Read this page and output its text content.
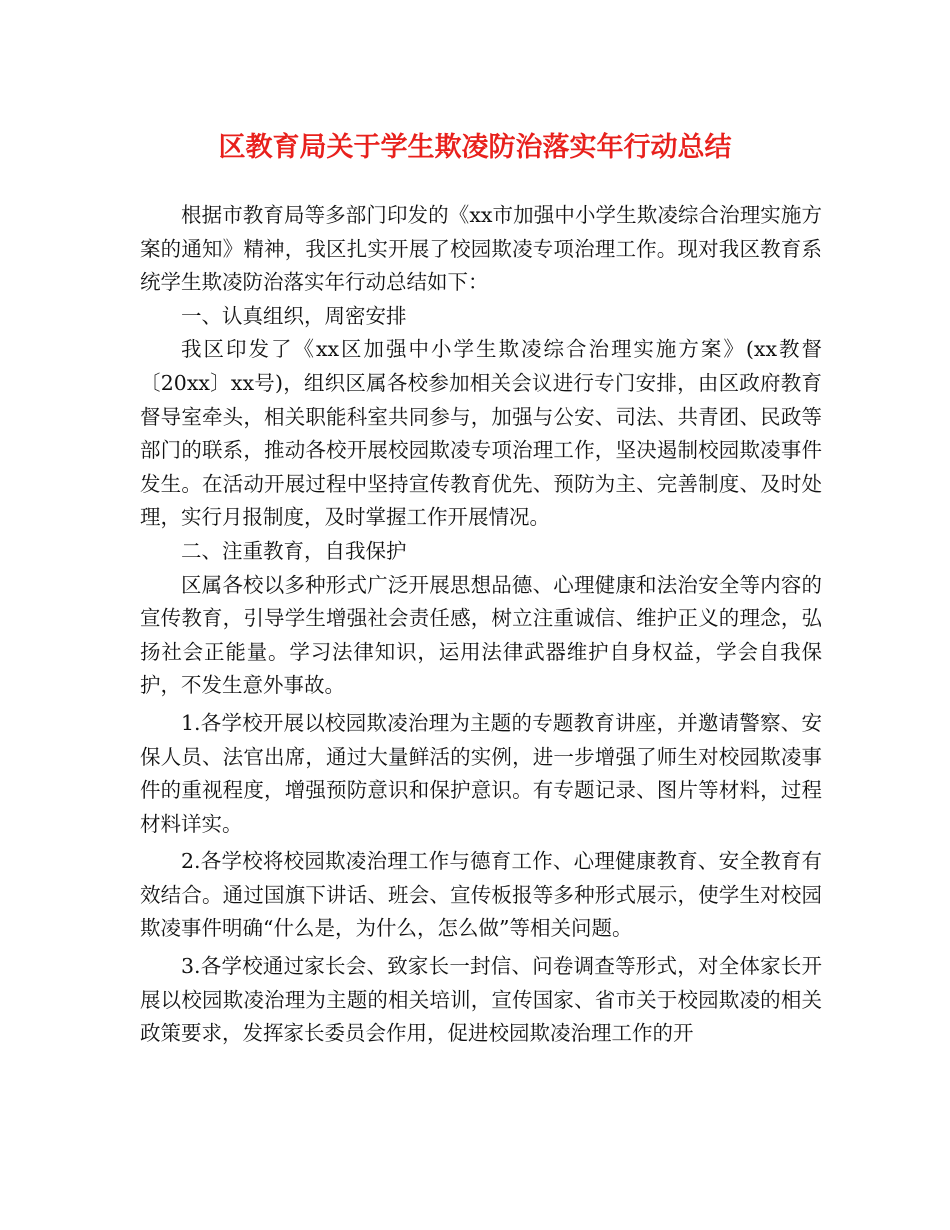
区教育局关于学生欺凌防治落实年行动总结

根据市教育局等多部门印发的《xx市加强中小学生欺凌综合治理实施方案的通知》精神，我区扎实开展了校园欺凌专项治理工作。现对我区教育系统学生欺凌防治落实年行动总结如下：

一、认真组织，周密安排

我区印发了《xx区加强中小学生欺凌综合治理实施方案》(xx教督〔20xx〕xx号)，组织区属各校参加相关会议进行专门安排，由区政府教育督导室牵头，相关职能科室共同参与，加强与公安、司法、共青团、民政等部门的联系，推动各校开展校园欺凌专项治理工作，坚决遏制校园欺凌事件发生。在活动开展过程中坚持宣传教育优先、预防为主、完善制度、及时处理，实行月报制度，及时掌握工作开展情况。

二、注重教育，自我保护

区属各校以多种形式广泛开展思想品德、心理健康和法治安全等内容的宣传教育，引导学生增强社会责任感，树立注重诚信、维护正义的理念，弘扬社会正能量。学习法律知识，运用法律武器维护自身权益，学会自我保护，不发生意外事故。

1.各学校开展以校园欺凌治理为主题的专题教育讲座，并邀请警察、安保人员、法官出席，通过大量鲜活的实例，进一步增强了师生对校园欺凌事件的重视程度，增强预防意识和保护意识。有专题记录、图片等材料，过程材料详实。

2.各学校将校园欺凌治理工作与德育工作、心理健康教育、安全教育有效结合。通过国旗下讲话、班会、宣传板报等多种形式展示，使学生对校园欺凌事件明确“什么是，为什么，怎么做”等相关问题。

3.各学校通过家长会、致家长一封信、问卷调查等形式，对全体家长开展以校园欺凌治理为主题的相关培训，宣传国家、省市关于校园欺凌的相关政策要求，发挥家长委员会作用，促进校园欺凌治理工作的开
